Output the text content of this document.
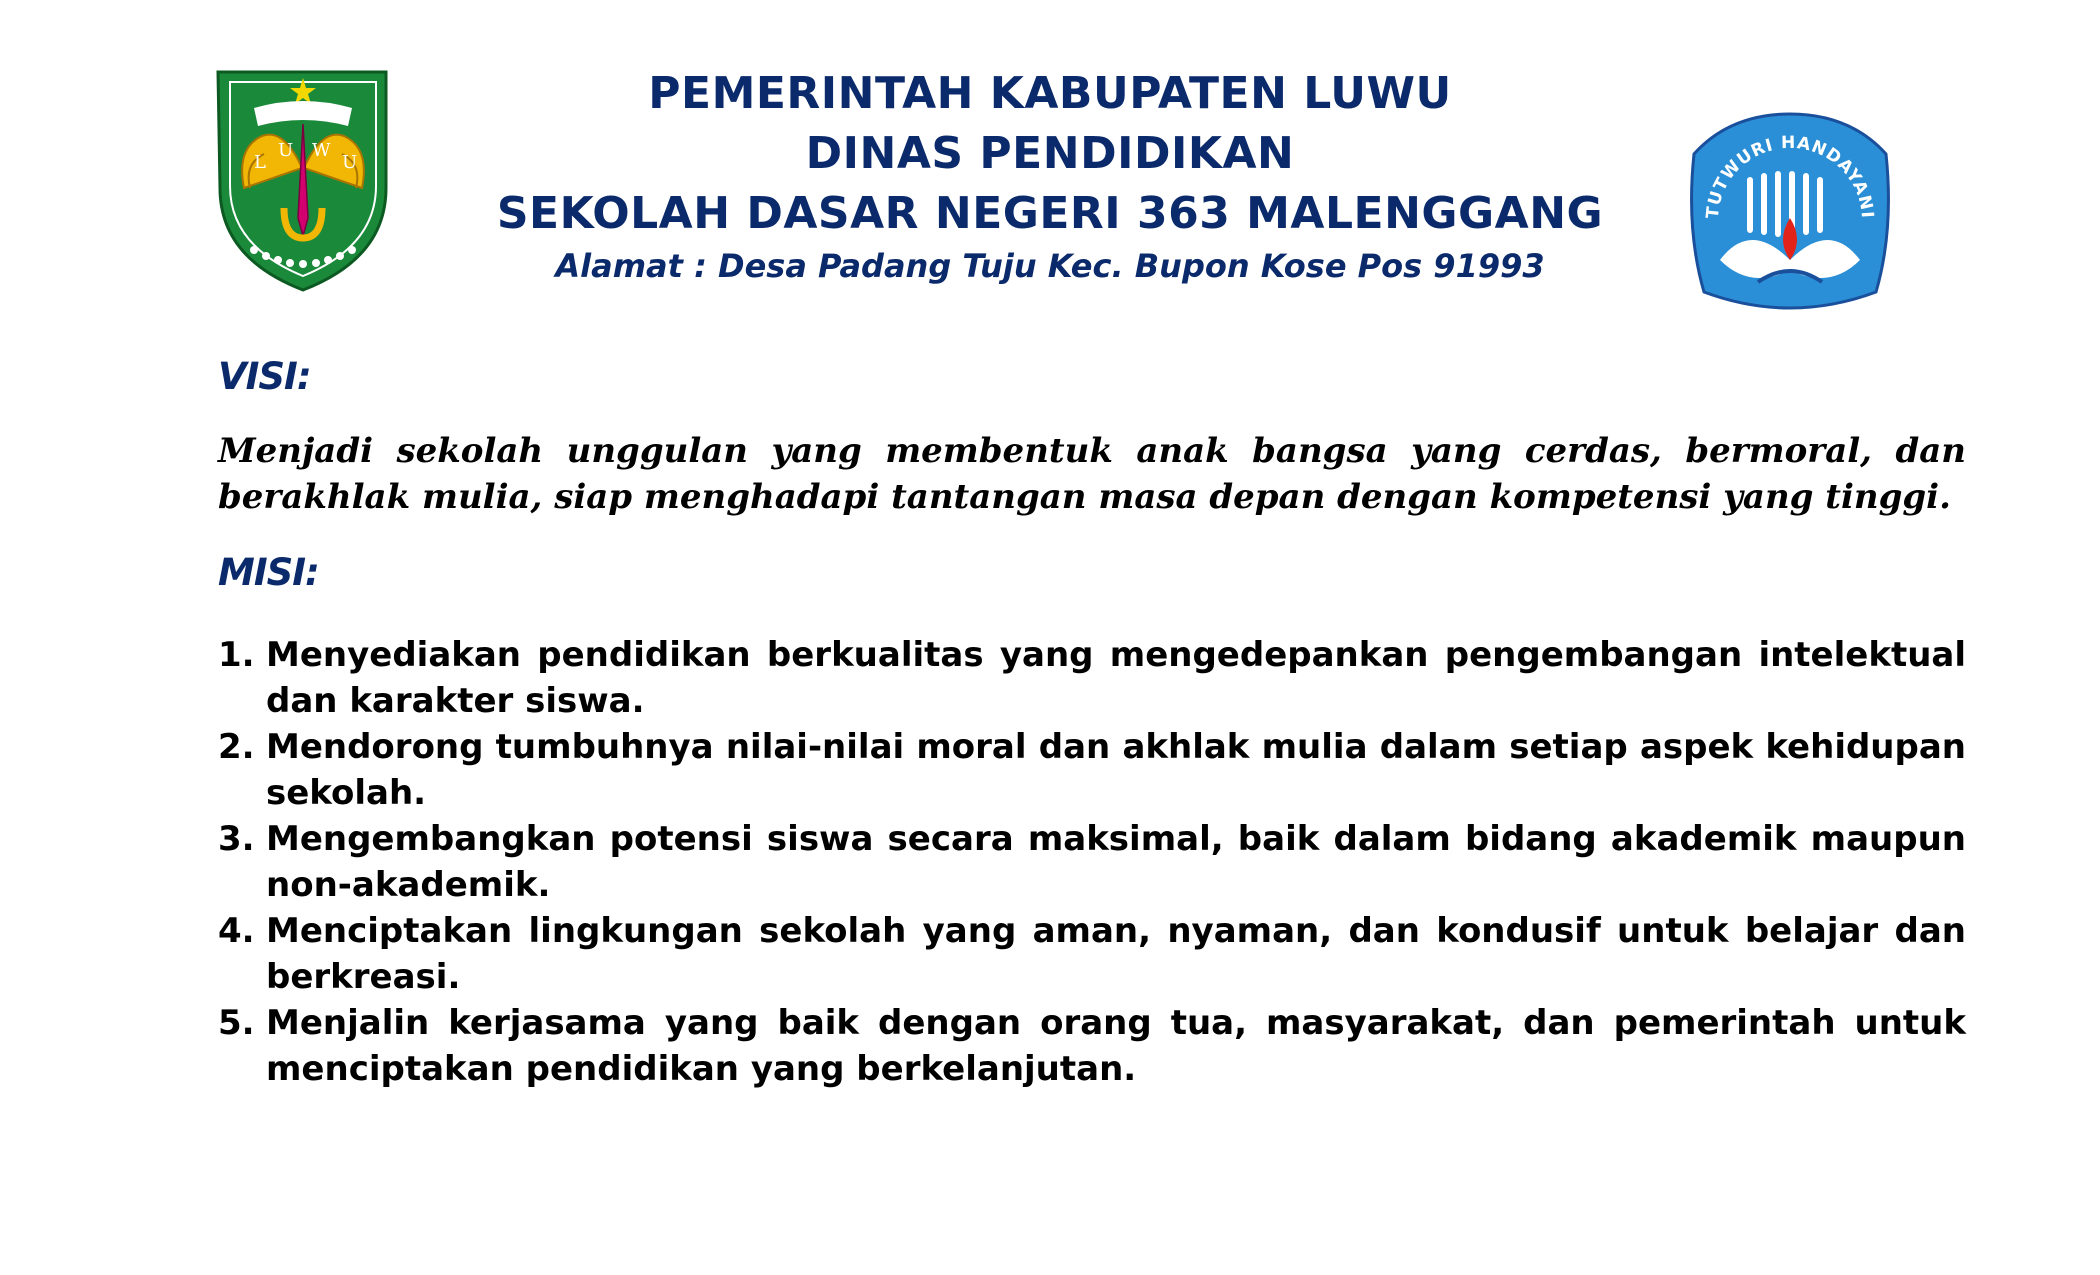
L
U W
U
PEMERINTAH KABUPATEN LUWU
DINAS PENDIDIKAN
SEKOLAH DASAR NEGERI 363 MALENGGANG
Alamat : Desa Padang Tuju Kec. Bupon Kose Pos 91993
TUTWURI HANDAYANI
VISI:
Menjadi sekolah unggulan yang membentuk anak bangsa yang cerdas, bermoral, dan berakhlak mulia, siap menghadapi tantangan masa depan dengan kompetensi yang tinggi.
MISI:
1. Menyediakan pendidikan berkualitas yang mengedepankan pengembangan intelektual dan karakter siswa.
2. Mendorong tumbuhnya nilai-nilai moral dan akhlak mulia dalam setiap aspek kehidupan sekolah.
3. Mengembangkan potensi siswa secara maksimal, baik dalam bidang akademik maupun non-akademik.
4. Menciptakan lingkungan sekolah yang aman, nyaman, dan kondusif untuk belajar dan berkreasi.
5. Menjalin kerjasama yang baik dengan orang tua, masyarakat, dan pemerintah untuk menciptakan pendidikan yang berkelanjutan.
